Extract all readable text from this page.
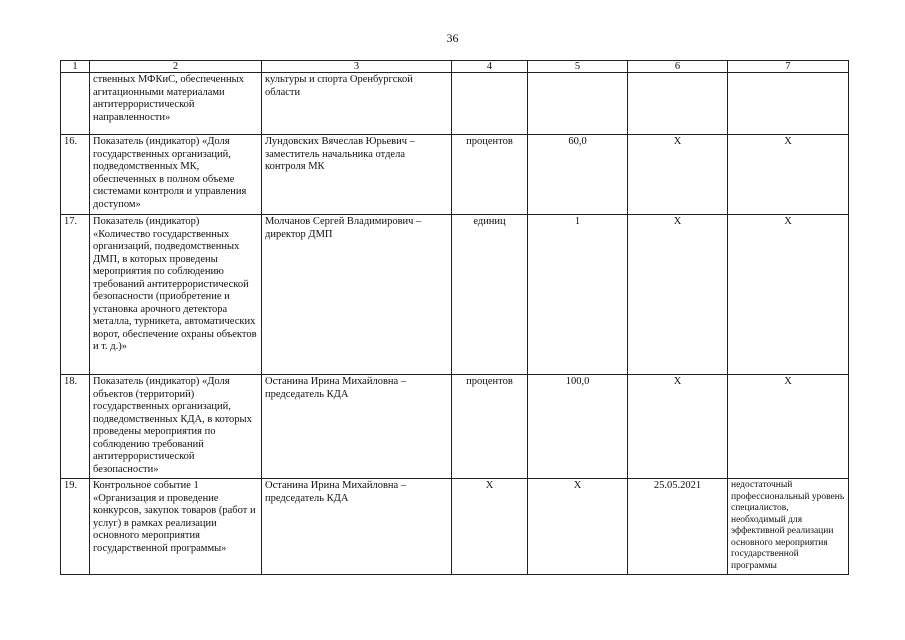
36
1	2	3	4	5	6	7
	ственных МФКиС, обеспеченных агитационными материалами антитеррористической направленности»	культуры и спорта Оренбургской области				
16.	Показатель (индикатор) «Доля государственных организаций, подведомственных МК, обеспеченных в полном объеме системами контроля и управления доступом»	Лундовских Вячеслав Юрьевич – заместитель начальника отдела контроля МК	процентов	60,0	X	X
17.	Показатель (индикатор) «Количество государственных организаций, подведомственных ДМП, в которых проведены мероприятия по соблюдению требований антитеррористической безопасности (приобретение и установка арочного детектора металла, турникета, автоматических ворот, обеспечение охраны объектов и т. д.)»	Молчанов Сергей Владимирович – директор ДМП	единиц	1	X	X
18.	Показатель (индикатор) «Доля объектов (территорий) государственных организаций, подведомственных КДА, в которых проведены мероприятия по соблюдению требований антитеррористической безопасности»	Останина Ирина Михайловна – председатель КДА	процентов	100,0	X	X
19.	Контрольное событие 1 «Организация и проведение конкурсов, закупок товаров (работ и услуг) в рамках реализации основного мероприятия государственной программы»	Останина Ирина Михайловна – председатель КДА	X	X	25.05.2021	недостаточный профессиональный уровень специалистов, необходимый для эффективной реализации основного мероприятия государственной программы
